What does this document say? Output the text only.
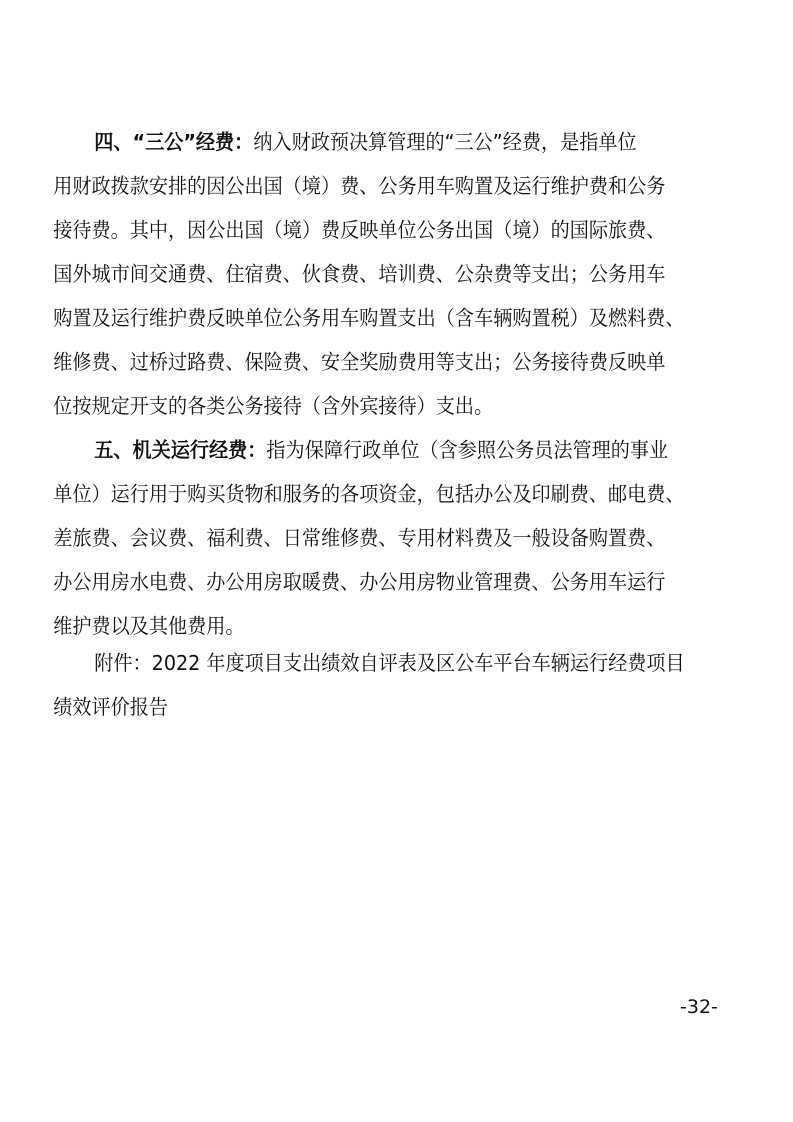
四、“三公”经费：纳入财政预决算管理的“三公”经费，是指单位
用财政拨款安排的因公出国（境）费、公务用车购置及运行维护费和公务
接待费。其中，因公出国（境）费反映单位公务出国（境）的国际旅费、
国外城市间交通费、住宿费、伙食费、培训费、公杂费等支出；公务用车
购置及运行维护费反映单位公务用车购置支出（含车辆购置税）及燃料费、
维修费、过桥过路费、保险费、安全奖励费用等支出；公务接待费反映单
位按规定开支的各类公务接待（含外宾接待）支出。
五、机关运行经费：指为保障行政单位（含参照公务员法管理的事业
单位）运行用于购买货物和服务的各项资金，包括办公及印刷费、邮电费、
差旅费、会议费、福利费、日常维修费、专用材料费及一般设备购置费、
办公用房水电费、办公用房取暖费、办公用房物业管理费、公务用车运行
维护费以及其他费用。
附件：2022 年度项目支出绩效自评表及区公车平台车辆运行经费项目
绩效评价报告
-32-
